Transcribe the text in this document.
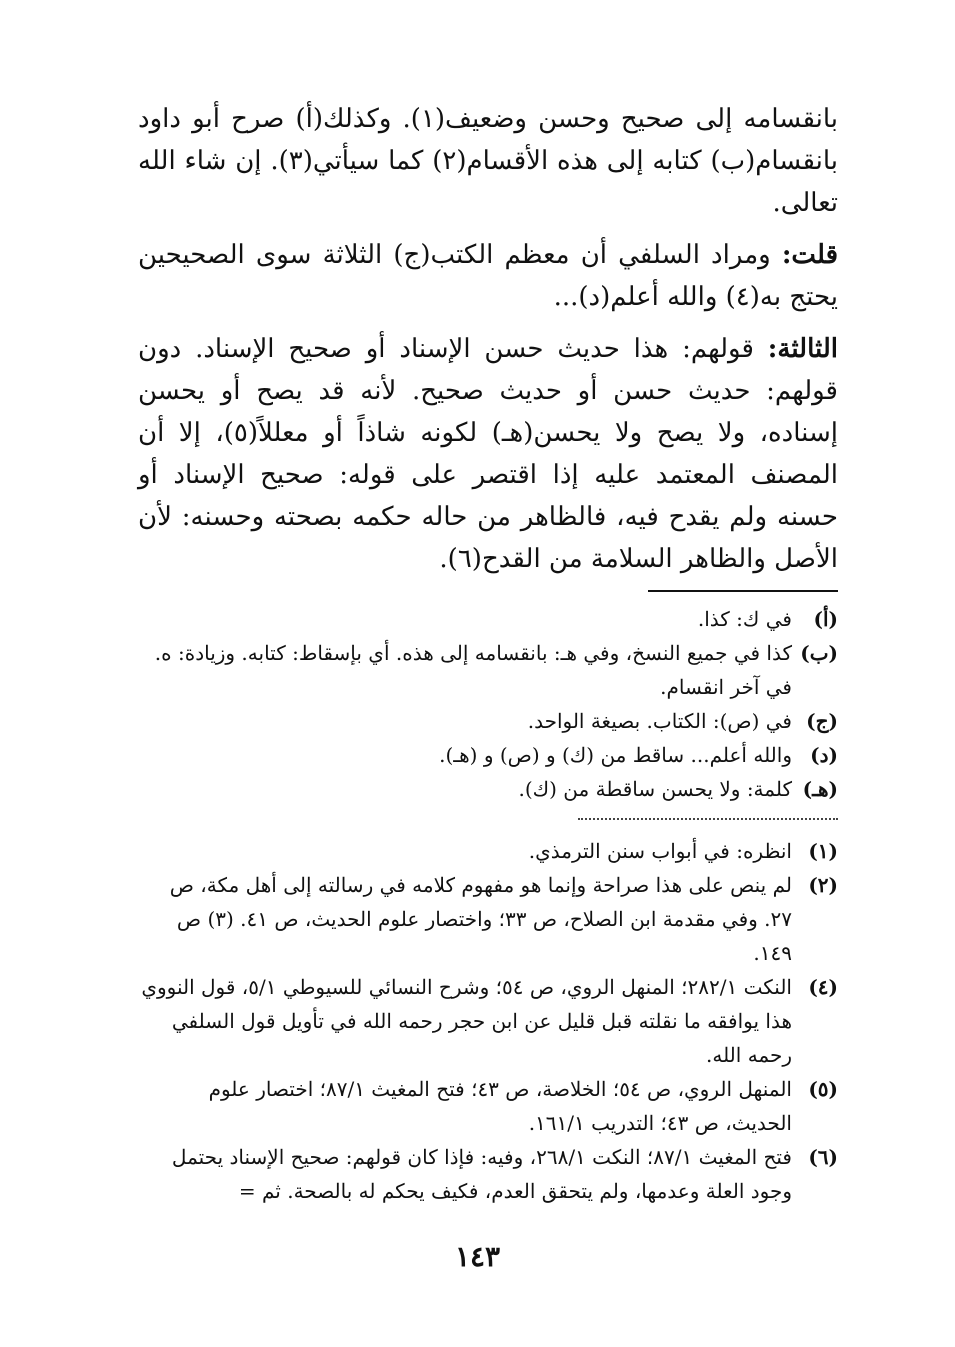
بانقسامه إلى صحيح وحسن وضعيف(١). وكذلك(أ) صرح أبو داود بانقسام(ب) كتابه إلى هذه الأقسام(٢) كما سيأتي(٣). إن شاء الله تعالى.

قلت: ومراد السلفي أن معظم الكتب(ج) الثلاثة سوى الصحيحين يحتج به(٤) والله أعلم(د)...

الثالثة: قولهم: هذا حديث حسن الإسناد أو صحيح الإسناد. دون قولهم: حديث حسن أو حديث صحيح. لأنه قد يصح أو يحسن إسناده، ولا يصح ولا يحسن(هـ) لكونه شاذاً أو معللاً(٥)، إلا أن المصنف المعتمد عليه إذا اقتصر على قوله: صحيح الإسناد أو حسنه ولم يقدح فيه، فالظاهر من حاله حكمه بصحته وحسنه: لأن الأصل والظاهر السلامة من القدح(٦).

(أ)
في ك: كذا.

(ب)
كذا في جميع النسخ، وفي هـ: بانقسامه إلى هذه. أي بإسقاط: كتابه. وزيادة: ه. في آخر انقسام.

(ج)
في (ص): الكتاب. بصيغة الواحد.

(د)
والله أعلم... ساقط من (ك) و (ص) و (هـ).

(هـ)
كلمة: ولا يحسن ساقطة من (ك).

(١)
انظره: في أبواب سنن الترمذي.

(٢)
لم ينص على هذا صراحة وإنما هو مفهوم كلامه في رسالته إلى أهل مكة، ص ٢٧. وفي مقدمة ابن الصلاح، ص ٣٣؛ واختصار علوم الحديث، ص ٤١. (٣) ص ١٤٩.

(٤)
النكت ٢٨٢/١؛ المنهل الروي، ص ٥٤؛ وشرح النسائي للسيوطي ٥/١، قول النووي هذا يوافقه ما نقلته قبل قليل عن ابن حجر رحمه الله في تأويل قول السلفي رحمه الله.

(٥)
المنهل الروي، ص ٥٤؛ الخلاصة، ص ٤٣؛ فتح المغيث ٨٧/١؛ اختصار علوم الحديث، ص ٤٣؛ التدريب ١٦١/١.

(٦)
فتح المغيث ٨٧/١؛ النكت ٢٦٨/١، وفيه: فإذا كان قولهم: صحيح الإسناد يحتمل وجود العلة وعدمها، ولم يتحقق العدم، فكيف يحكم له بالصحة. ثم =

١٤٣
